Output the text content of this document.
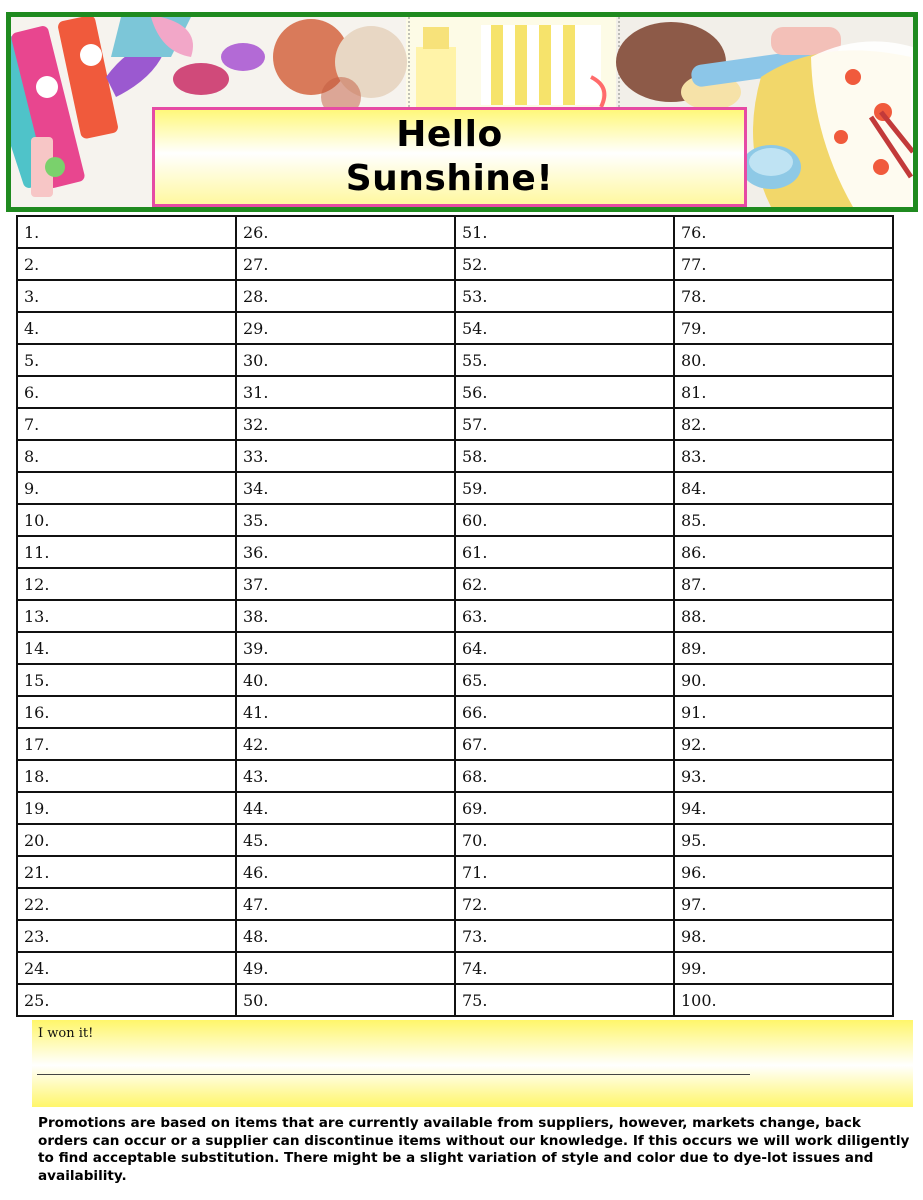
Hello
Sunshine!
1.	26.	51.	76.
2.	27.	52.	77.
3.	28.	53.	78.
4.	29.	54.	79.
5.	30.	55.	80.
6.	31.	56.	81.
7.	32.	57.	82.
8.	33.	58.	83.
9.	34.	59.	84.
10.	35.	60.	85.
11.	36.	61.	86.
12.	37.	62.	87.
13.	38.	63.	88.
14.	39.	64.	89.
15.	40.	65.	90.
16.	41.	66.	91.
17.	42.	67.	92.
18.	43.	68.	93.
19.	44.	69.	94.
20.	45.	70.	95.
21.	46.	71.	96.
22.	47.	72.	97.
23.	48.	73.	98.
24.	49.	74.	99.
25.	50.	75.	100.
I won it!

Promotions are based on items that are currently available from suppliers, however, markets change, back orders can occur or a supplier can discontinue items without our knowledge. If this occurs we will work diligently to find acceptable substitution. There might be a slight variation of style and color due to dye-lot issues and availability.
